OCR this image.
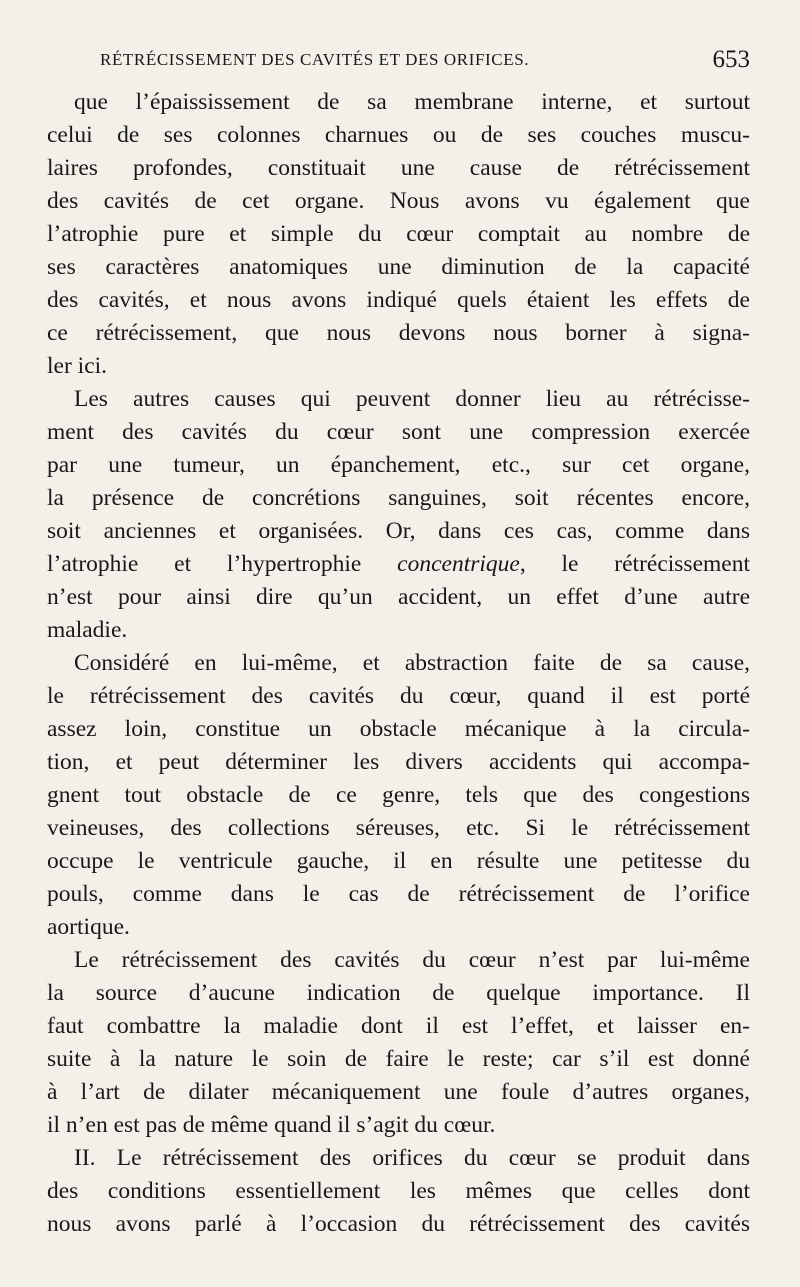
RÉTRÉCISSEMENT DES CAVITÉS ET DES ORIFICES.	653
que l’épaississement de sa membrane interne, et surtout
celui de ses colonnes charnues ou de ses couches muscu-
laires profondes, constituait une cause de rétrécissement
des cavités de cet organe. Nous avons vu également que
l’atrophie pure et simple du cœur comptait au nombre de
ses caractères anatomiques une diminution de la capacité
des cavités, et nous avons indiqué quels étaient les effets de
ce rétrécissement, que nous devons nous borner à signa-
ler ici.
Les autres causes qui peuvent donner lieu au rétrécisse-
ment des cavités du cœur sont une compression exercée
par une tumeur, un épanchement, etc., sur cet organe,
la présence de concrétions sanguines, soit récentes encore,
soit anciennes et organisées. Or, dans ces cas, comme dans
l’atrophie et l’hypertrophie concentrique, le rétrécissement
n’est pour ainsi dire qu’un accident, un effet d’une autre
maladie.
Considéré en lui-même, et abstraction faite de sa cause,
le rétrécissement des cavités du cœur, quand il est porté
assez loin, constitue un obstacle mécanique à la circula-
tion, et peut déterminer les divers accidents qui accompa-
gnent tout obstacle de ce genre, tels que des congestions
veineuses, des collections séreuses, etc. Si le rétrécissement
occupe le ventricule gauche, il en résulte une petitesse du
pouls, comme dans le cas de rétrécissement de l’orifice
aortique.
Le rétrécissement des cavités du cœur n’est par lui-même
la source d’aucune indication de quelque importance. Il
faut combattre la maladie dont il est l’effet, et laisser en-
suite à la nature le soin de faire le reste; car s’il est donné
à l’art de dilater mécaniquement une foule d’autres organes,
il n’en est pas de même quand il s’agit du cœur.
II. Le rétrécissement des orifices du cœur se produit dans
des conditions essentiellement les mêmes que celles dont
nous avons parlé à l’occasion du rétrécissement des cavités
